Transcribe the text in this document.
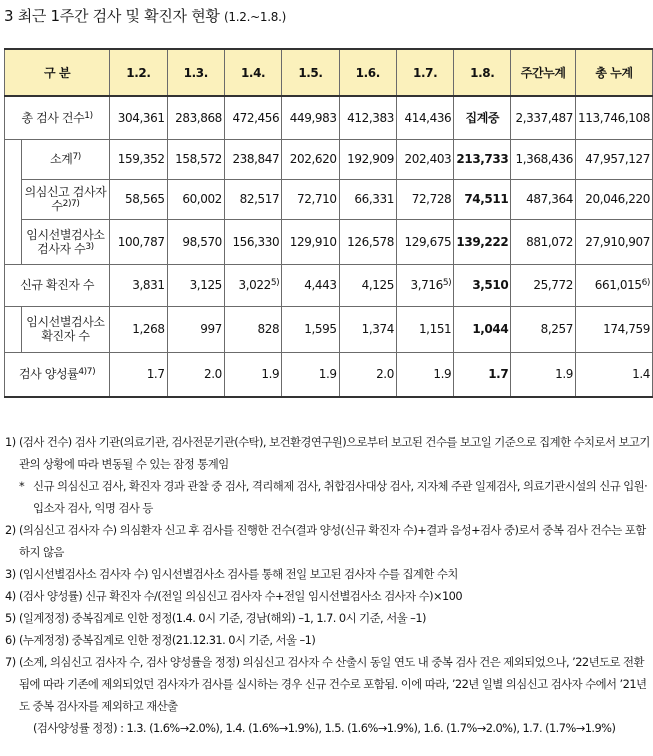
3 최근 1주간 검사 및 확진자 현황 (1.2.~1.8.)
구 분		1.2.	1.3.	1.4.	1.5.	1.6.	1.7.	1.8.	주간누계	총 누계
총 검사 건수$^{1)}$		304,361	283,868	472,456	449,983	412,383	414,436	집계중	2,337,487	113,746,108
	소계$^{7)}$	159,352	158,572	238,847	202,620	192,909	202,403	213,733	1,368,436	47,957,127
	의심신고 검사자 수$^{2)7)}$	58,565	60,002	82,517	72,710	66,331	72,728	74,511	487,364	20,046,220
	임시선별검사소 검사자 수$^{3)}$	100,787	98,570	156,330	129,910	126,578	129,675	139,222	881,072	27,910,907
신규 확진자 수		3,831	3,125	3,022$^{5)}$	4,443	4,125	3,716$^{5)}$	3,510	25,772	661,015$^{6)}$
	임시선별검사소 확진자 수	1,268	997	828	1,595	1,374	1,151	1,044	8,257	174,759
검사 양성률$^{4)7)}$		1.7	2.0	1.9	1.9	2.0	1.9	1.7	1.9	1.4
1) (검사 건수) 검사 기관(의료기관, 검사전문기관(수탁), 보건환경연구원)으로부터 보고된 건수를 보고일 기준으로 집계한 수치로서 보고기관의 상황에 따라 변동될 수 있는 잠정 통계임
* 신규 의심신고 검사, 확진자 경과 관찰 중 검사, 격리해제 검사, 취합검사대상 검사, 지자체 주관 일제검사, 의료기관시설의 신규 입원·입소자 검사, 익명 검사 등
2) (의심신고 검사자 수) 의심환자 신고 후 검사를 진행한 건수(결과 양성(신규 확진자 수)+결과 음성+검사 중)로서 중복 검사 건수는 포함하지 않음
3) (임시선별검사소 검사자 수) 임시선별검사소 검사를 통해 전일 보고된 검사자 수를 집계한 수치
4) (검사 양성률) 신규 확진자 수/(전일 의심신고 검사자 수+전일 임시선별검사소 검사자 수)×100
5) (일계정정) 중복집계로 인한 정정(1.4. 0시 기준, 경남(해외) –1, 1.7. 0시 기준, 서울 –1)
6) (누계정정) 중복집계로 인한 정정(21.12.31. 0시 기준, 서울 –1)
7) (소계, 의심신고 검사자 수, 검사 양성률을 정정) 의심신고 검사자 수 산출시 동일 연도 내 중복 검사 건은 제외되었으나, ’22년도로 전환됨에 따라 기존에 제외되었던 검사자가 검사를 실시하는 경우 신규 건수로 포함됨. 이에 따라, ’22년 일별 의심신고 검사자 수에서 ’21년도 중복 검사자를 제외하고 재산출
(검사양성률 정정) : 1.3. (1.6%→2.0%), 1.4. (1.6%→1.9%), 1.5. (1.6%→1.9%), 1.6. (1.7%→2.0%), 1.7. (1.7%→1.9%)
